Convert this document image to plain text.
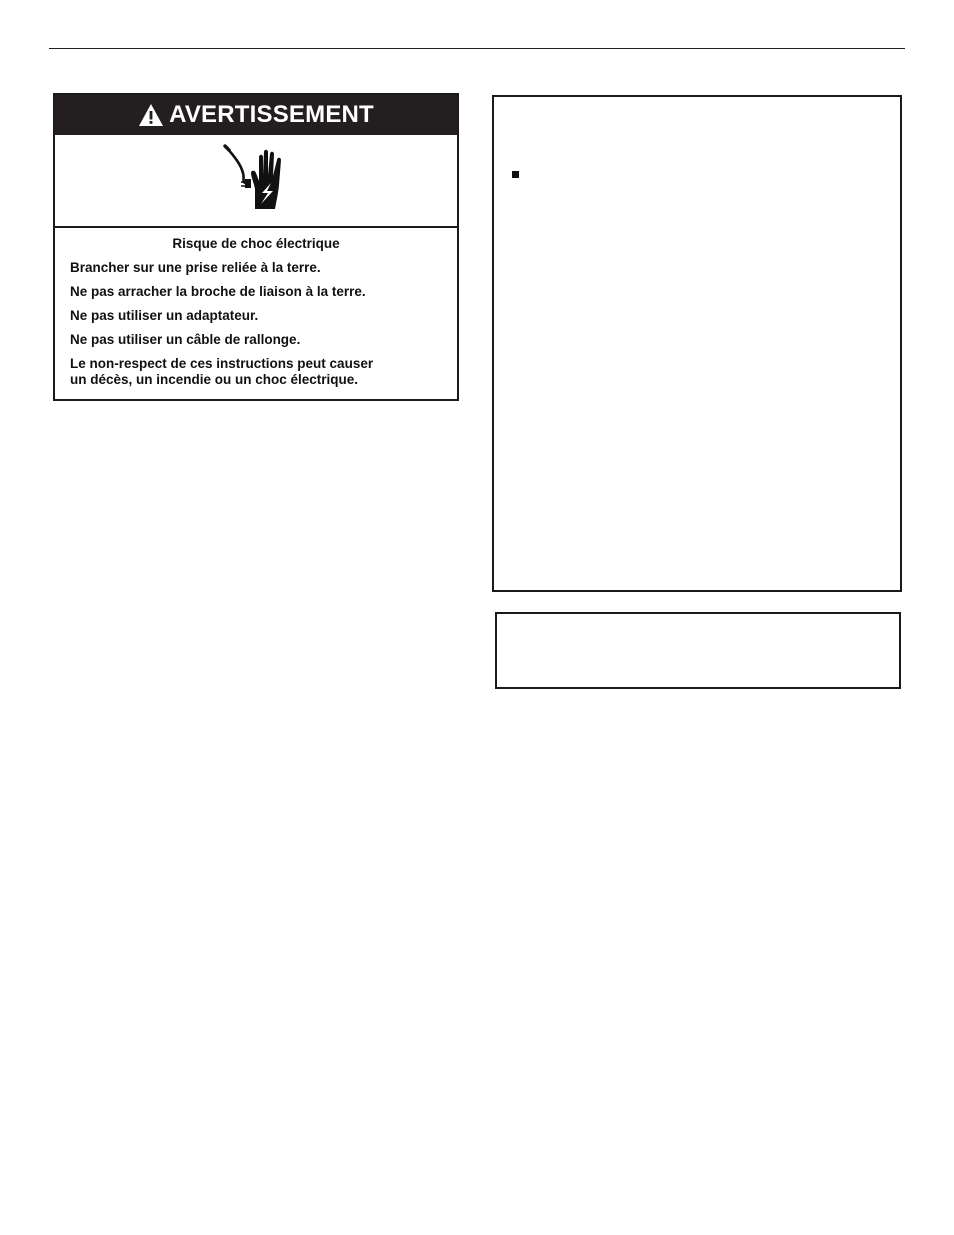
AVERTISSEMENT
Risque de choc électrique
Brancher sur une prise reliée à la terre.
Ne pas arracher la broche de liaison à la terre.
Ne pas utiliser un adaptateur.
Ne pas utiliser un câble de rallonge.
Le non-respect de ces instructions peut causer
un décès, un incendie ou un choc électrique.
